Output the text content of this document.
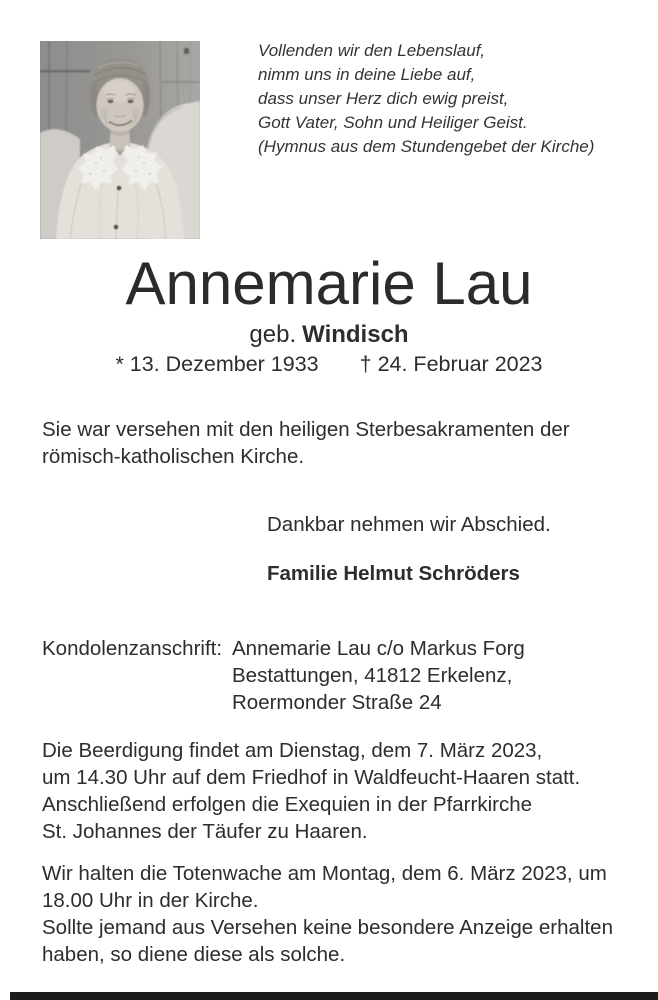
Vollenden wir den Lebenslauf,
nimm uns in deine Liebe auf,
dass unser Herz dich ewig preist,
Gott Vater, Sohn und Heiliger Geist.
(Hymnus aus dem Stundengebet der Kirche)
Annemarie Lau
geb. Windisch
* 13. Dezember 1933 † 24. Februar 2023
Sie war versehen mit den heiligen Sterbesakramenten der
römisch-katholischen Kirche.
Dankbar nehmen wir Abschied.
Familie Helmut Schröders
Kondolenzanschrift: Annemarie Lau c/o Markus Forg
Bestattungen, 41812 Erkelenz,
Roermonder Straße 24
Die Beerdigung findet am Dienstag, dem 7. März 2023,
um 14.30 Uhr auf dem Friedhof in Waldfeucht-Haaren statt.
Anschließend erfolgen die Exequien in der Pfarrkirche
St. Johannes der Täufer zu Haaren.
Wir halten die Totenwache am Montag, dem 6. März 2023, um
18.00 Uhr in der Kirche.
Sollte jemand aus Versehen keine besondere Anzeige erhalten
haben, so diene diese als solche.
